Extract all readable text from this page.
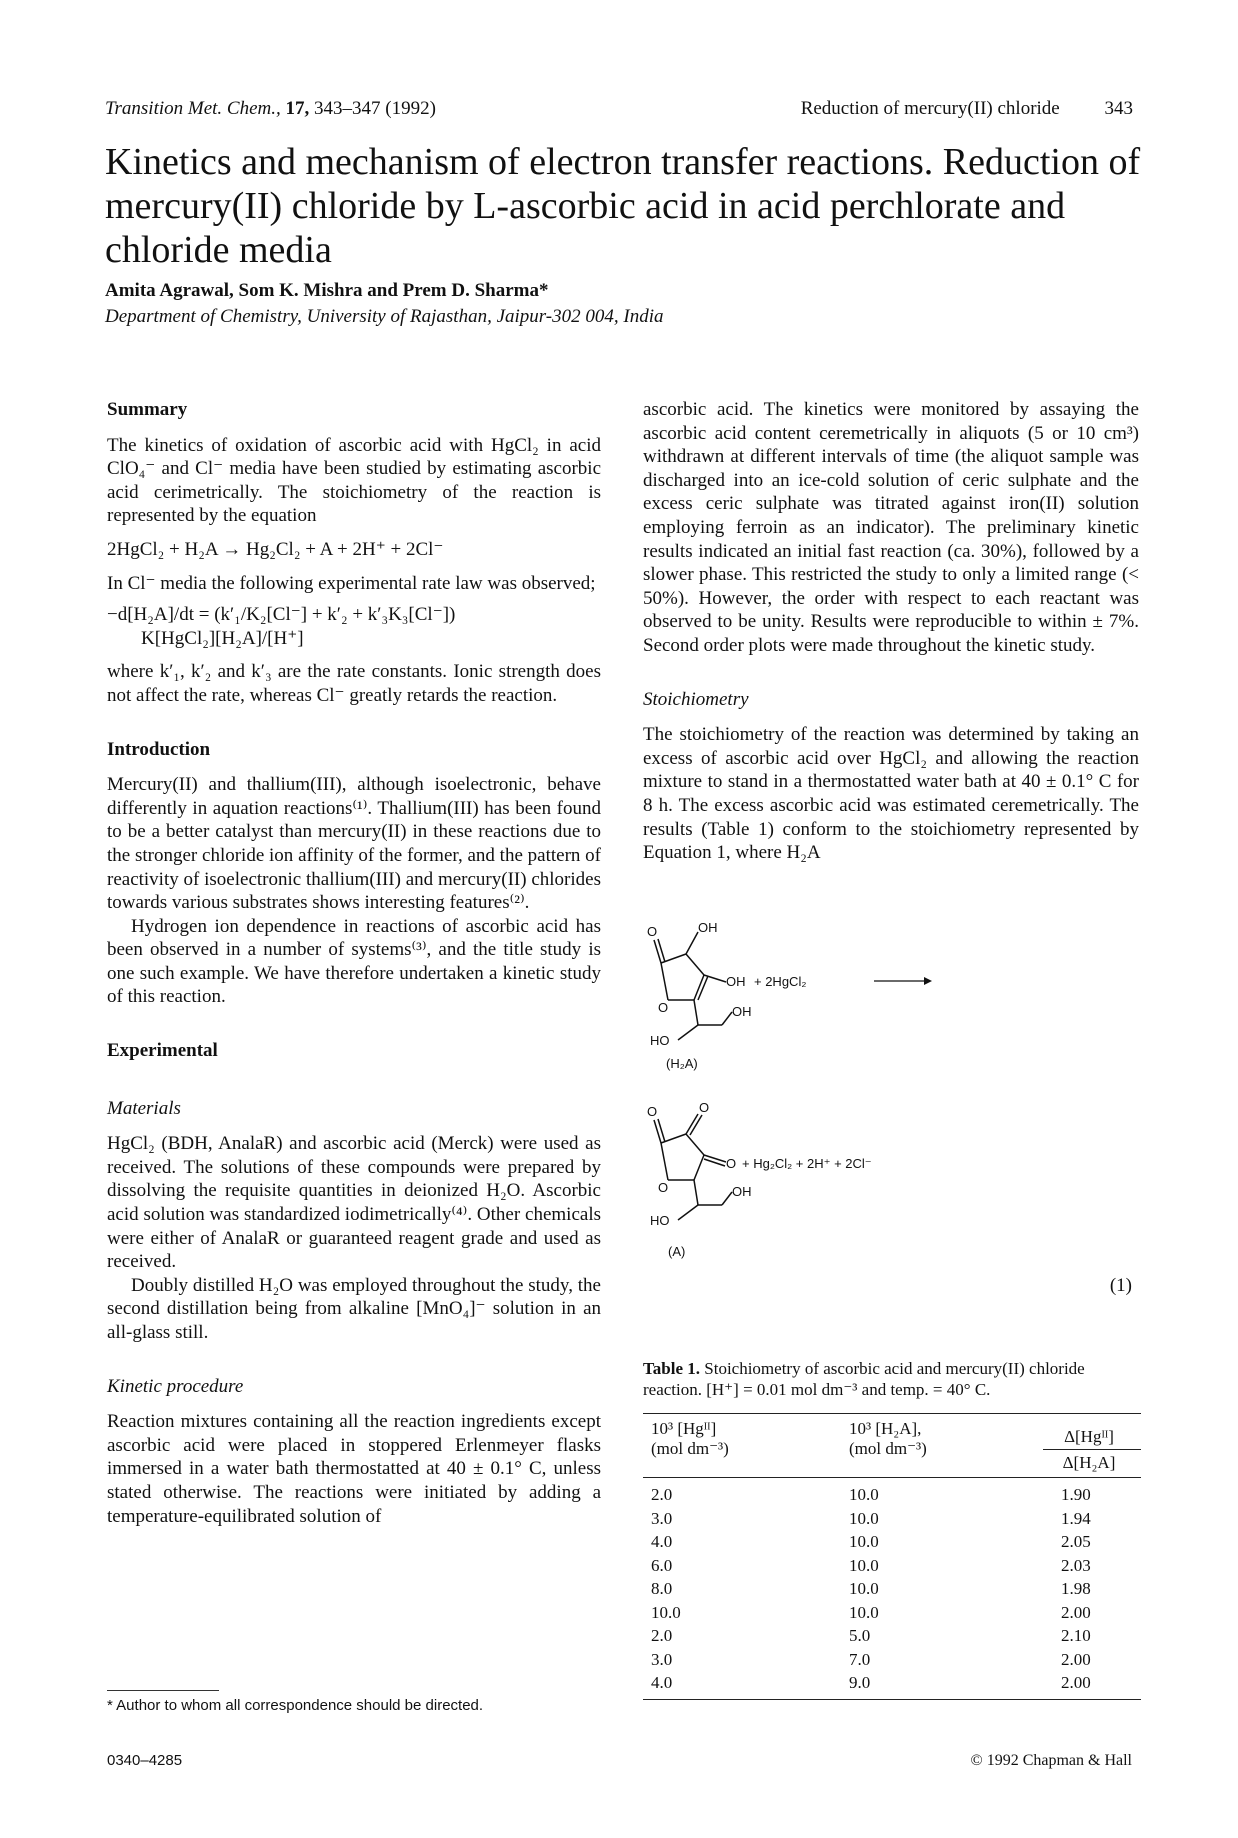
Transition Met. Chem., 17, 343–347 (1992)	Reduction of mercury(II) chloride 343
Kinetics and mechanism of electron transfer reactions. Reduction of mercury(II) chloride by L-ascorbic acid in acid perchlorate and chloride media
Amita Agrawal, Som K. Mishra and Prem D. Sharma*
Department of Chemistry, University of Rajasthan, Jaipur-302 004, India
Summary

The kinetics of oxidation of ascorbic acid with HgCl₂ in acid ClO₄⁻ and Cl⁻ media have been studied by estimating ascorbic acid cerimetrically. The stoichiometry of the reaction is represented by the equation

2HgCl₂ + H₂A → Hg₂Cl₂ + A + 2H⁺ + 2Cl⁻

In Cl⁻ media the following experimental rate law was observed;

−d[H₂A]/dt = (k′₁/K₂[Cl⁻] + k′₂ + k′₃K₃[Cl⁻])
K[HgCl₂][H₂A]/[H⁺]

where k′₁, k′₂ and k′₃ are the rate constants. Ionic strength does not affect the rate, whereas Cl⁻ greatly retards the reaction.

Introduction

Mercury(II) and thallium(III), although isoelectronic, behave differently in aquation reactions⁽¹⁾. Thallium(III) has been found to be a better catalyst than mercury(II) in these reactions due to the stronger chloride ion affinity of the former, and the pattern of reactivity of isoelectronic thallium(III) and mercury(II) chlorides towards various substrates shows interesting features⁽²⁾.

Hydrogen ion dependence in reactions of ascorbic acid has been observed in a number of systems⁽³⁾, and the title study is one such example. We have therefore undertaken a kinetic study of this reaction.

Experimental
Materials

HgCl₂ (BDH, AnalaR) and ascorbic acid (Merck) were used as received. The solutions of these compounds were prepared by dissolving the requisite quantities in deionized H₂O. Ascorbic acid solution was standardized iodimetrically⁽⁴⁾. Other chemicals were either of AnalaR or guaranteed reagent grade and used as received.

Doubly distilled H₂O was employed throughout the study, the second distillation being from alkaline [MnO₄]⁻ solution in an all-glass still.

Kinetic procedure

Reaction mixtures containing all the reaction ingredients except ascorbic acid were placed in stoppered Erlenmeyer flasks immersed in a water bath thermostatted at 40 ± 0.1° C, unless stated otherwise. The reactions were initiated by adding a temperature-equilibrated solution of

ascorbic acid. The kinetics were monitored by assaying the ascorbic acid content ceremetrically in aliquots (5 or 10 cm³) withdrawn at different intervals of time (the aliquot sample was discharged into an ice-cold solution of ceric sulphate and the excess ceric sulphate was titrated against iron(II) solution employing ferroin as an indicator). The preliminary kinetic results indicated an initial fast reaction (ca. 30%), followed by a slower phase. This restricted the study to only a limited range (< 50%). However, the order with respect to each reactant was observed to be unity. Results were reproducible to within ± 7%. Second order plots were made throughout the kinetic study.

Stoichiometry

The stoichiometry of the reaction was determined by taking an excess of ascorbic acid over HgCl₂ and allowing the reaction mixture to stand in a thermostatted water bath at 40 ± 0.1° C for 8 h. The excess ascorbic acid was estimated ceremetrically. The results (Table 1) conform to the stoichiometry represented by Equation 1, where H₂A

O	OH
O
OH
OH
HO
+ 2HgCl₂
(H₂A)
O	O
O
O
OH
HO
+ Hg₂Cl₂ + 2H⁺ + 2Cl⁻
(A)
(1)
Table 1. Stoichiometry of ascorbic acid and mercury(II) chloride reaction. [H⁺] = 0.01 mol dm⁻³ and temp. = 40° C.
10³ [Hgᴵᴵ]
(mol dm⁻³)
10³ [H₂A],
(mol dm⁻³)
Δ[Hgᴵᴵ]
Δ[H₂A]
2.0	10.0	1.90
3.0	10.0	1.94
4.0	10.0	2.05
6.0	10.0	2.03
8.0	10.0	1.98
10.0	10.0	2.00
2.0	5.0	2.10
3.0	7.0	2.00
4.0	9.0	2.00
* Author to whom all correspondence should be directed.
0340–4285	© 1992 Chapman & Hall
